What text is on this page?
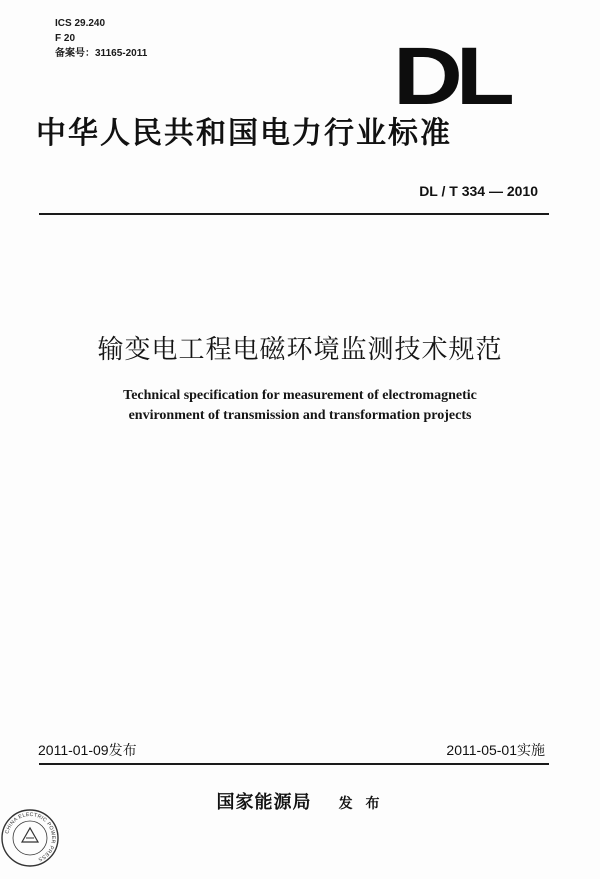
ICS 29.240
F 20
备案号：31165-2011	DL
中华人民共和国电力行业标准
DL / T 334 — 2010
输变电工程电磁环境监测技术规范
Technical specification for measurement of electromagnetic
environment of transmission and transformation projects
2011-01-09发布	2011-05-01实施
国家能源局 发 布
CHINA ELECTRIC POWER PRESS
